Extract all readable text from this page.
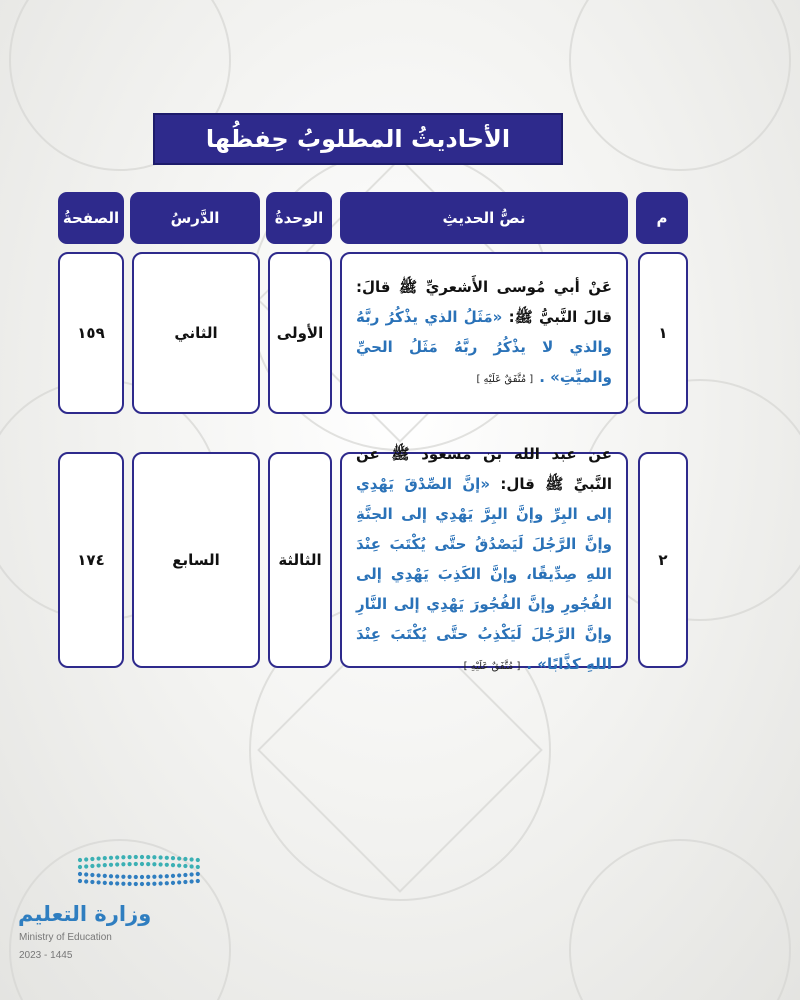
الأحاديثُ المطلوبُ حِفظُها
م
نصُّ الحديثِ
الوحدةُ
الدَّرسُ
الصفحةُ
١
عَنْ أبي مُوسى الأَشعريِّ ﷺ قالَ: قالَ النَّبيُّ ﷺ: «مَثَلُ الذي يذْكُرُ ربَّهُ والذي لا يذْكُرُ ربَّهُ مَثَلُ الحيِّ والميِّتِ» .[ مُتَّفَقٌ عَلَيْهِ ]
الأولى
الثاني
١٥٩
٢
عن عبد الله بن مسعود ﷺ عن النَّبيِّ ﷺ قال: «إنَّ الصِّدْقَ يَهْدِي إلى البِرِّ وإنَّ البِرَّ يَهْدِي إلى الجنَّةِ وإنَّ الرَّجُلَ لَيَصْدُقُ حتَّى يُكْتَبَ عِنْدَ اللهِ صِدِّيقًا، وإنَّ الكَذِبَ يَهْدِي إلى الفُجُورِ وإنَّ الفُجُورَ يَهْدِي إلى النَّارِ وإنَّ الرَّجُلَ لَيَكْذِبُ حتَّى يُكْتَبَ عِنْدَ اللهِ كذَّابًا» .[ مُتَّفَقٌ عَلَيْهِ ]
الثالثة
السابع
١٧٤
وزارة التعليم
Ministry of Education
2023 - 1445
